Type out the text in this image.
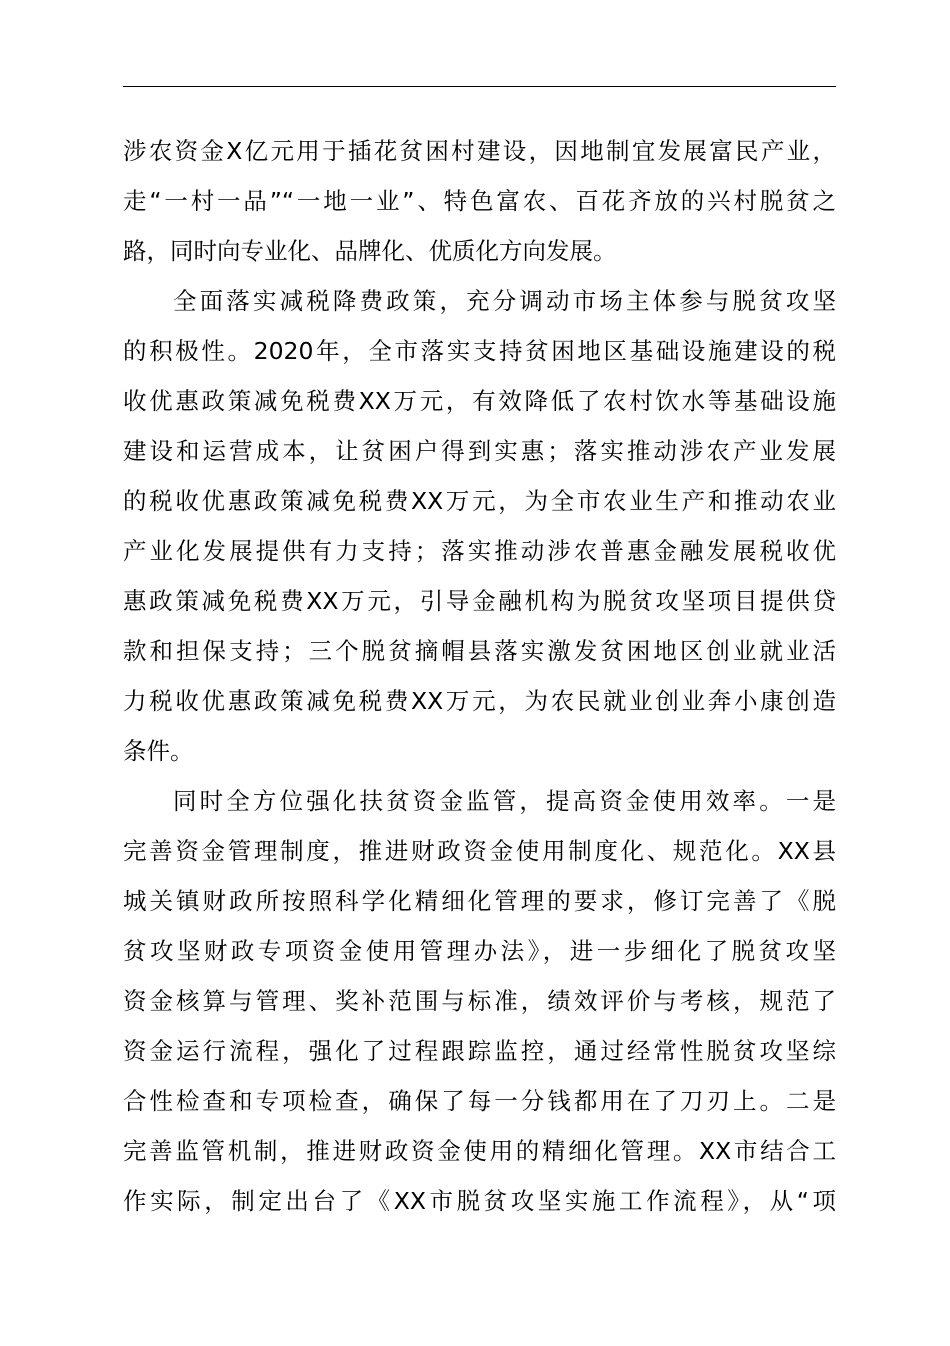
涉农资金X亿元用于插花贫困村建设，因地制宜发展富民产业，
走“一村一品”“一地一业”、特色富农、百花齐放的兴村脱贫之
路，同时向专业化、品牌化、优质化方向发展。
全面落实减税降费政策，充分调动市场主体参与脱贫攻坚
的积极性。2020年，全市落实支持贫困地区基础设施建设的税
收优惠政策减免税费XX万元，有效降低了农村饮水等基础设施
建设和运营成本，让贫困户得到实惠；落实推动涉农产业发展
的税收优惠政策减免税费XX万元，为全市农业生产和推动农业
产业化发展提供有力支持；落实推动涉农普惠金融发展税收优
惠政策减免税费XX万元，引导金融机构为脱贫攻坚项目提供贷
款和担保支持；三个脱贫摘帽县落实激发贫困地区创业就业活
力税收优惠政策减免税费XX万元，为农民就业创业奔小康创造
条件。
同时全方位强化扶贫资金监管，提高资金使用效率。一是
完善资金管理制度，推进财政资金使用制度化、规范化。XX县
城关镇财政所按照科学化精细化管理的要求，修订完善了《脱
贫攻坚财政专项资金使用管理办法》，进一步细化了脱贫攻坚
资金核算与管理、奖补范围与标准，绩效评价与考核，规范了
资金运行流程，强化了过程跟踪监控，通过经常性脱贫攻坚综
合性检查和专项检查，确保了每一分钱都用在了刀刃上。二是
完善监管机制，推进财政资金使用的精细化管理。XX市结合工
作实际，制定出台了《XX市脱贫攻坚实施工作流程》，从“项
